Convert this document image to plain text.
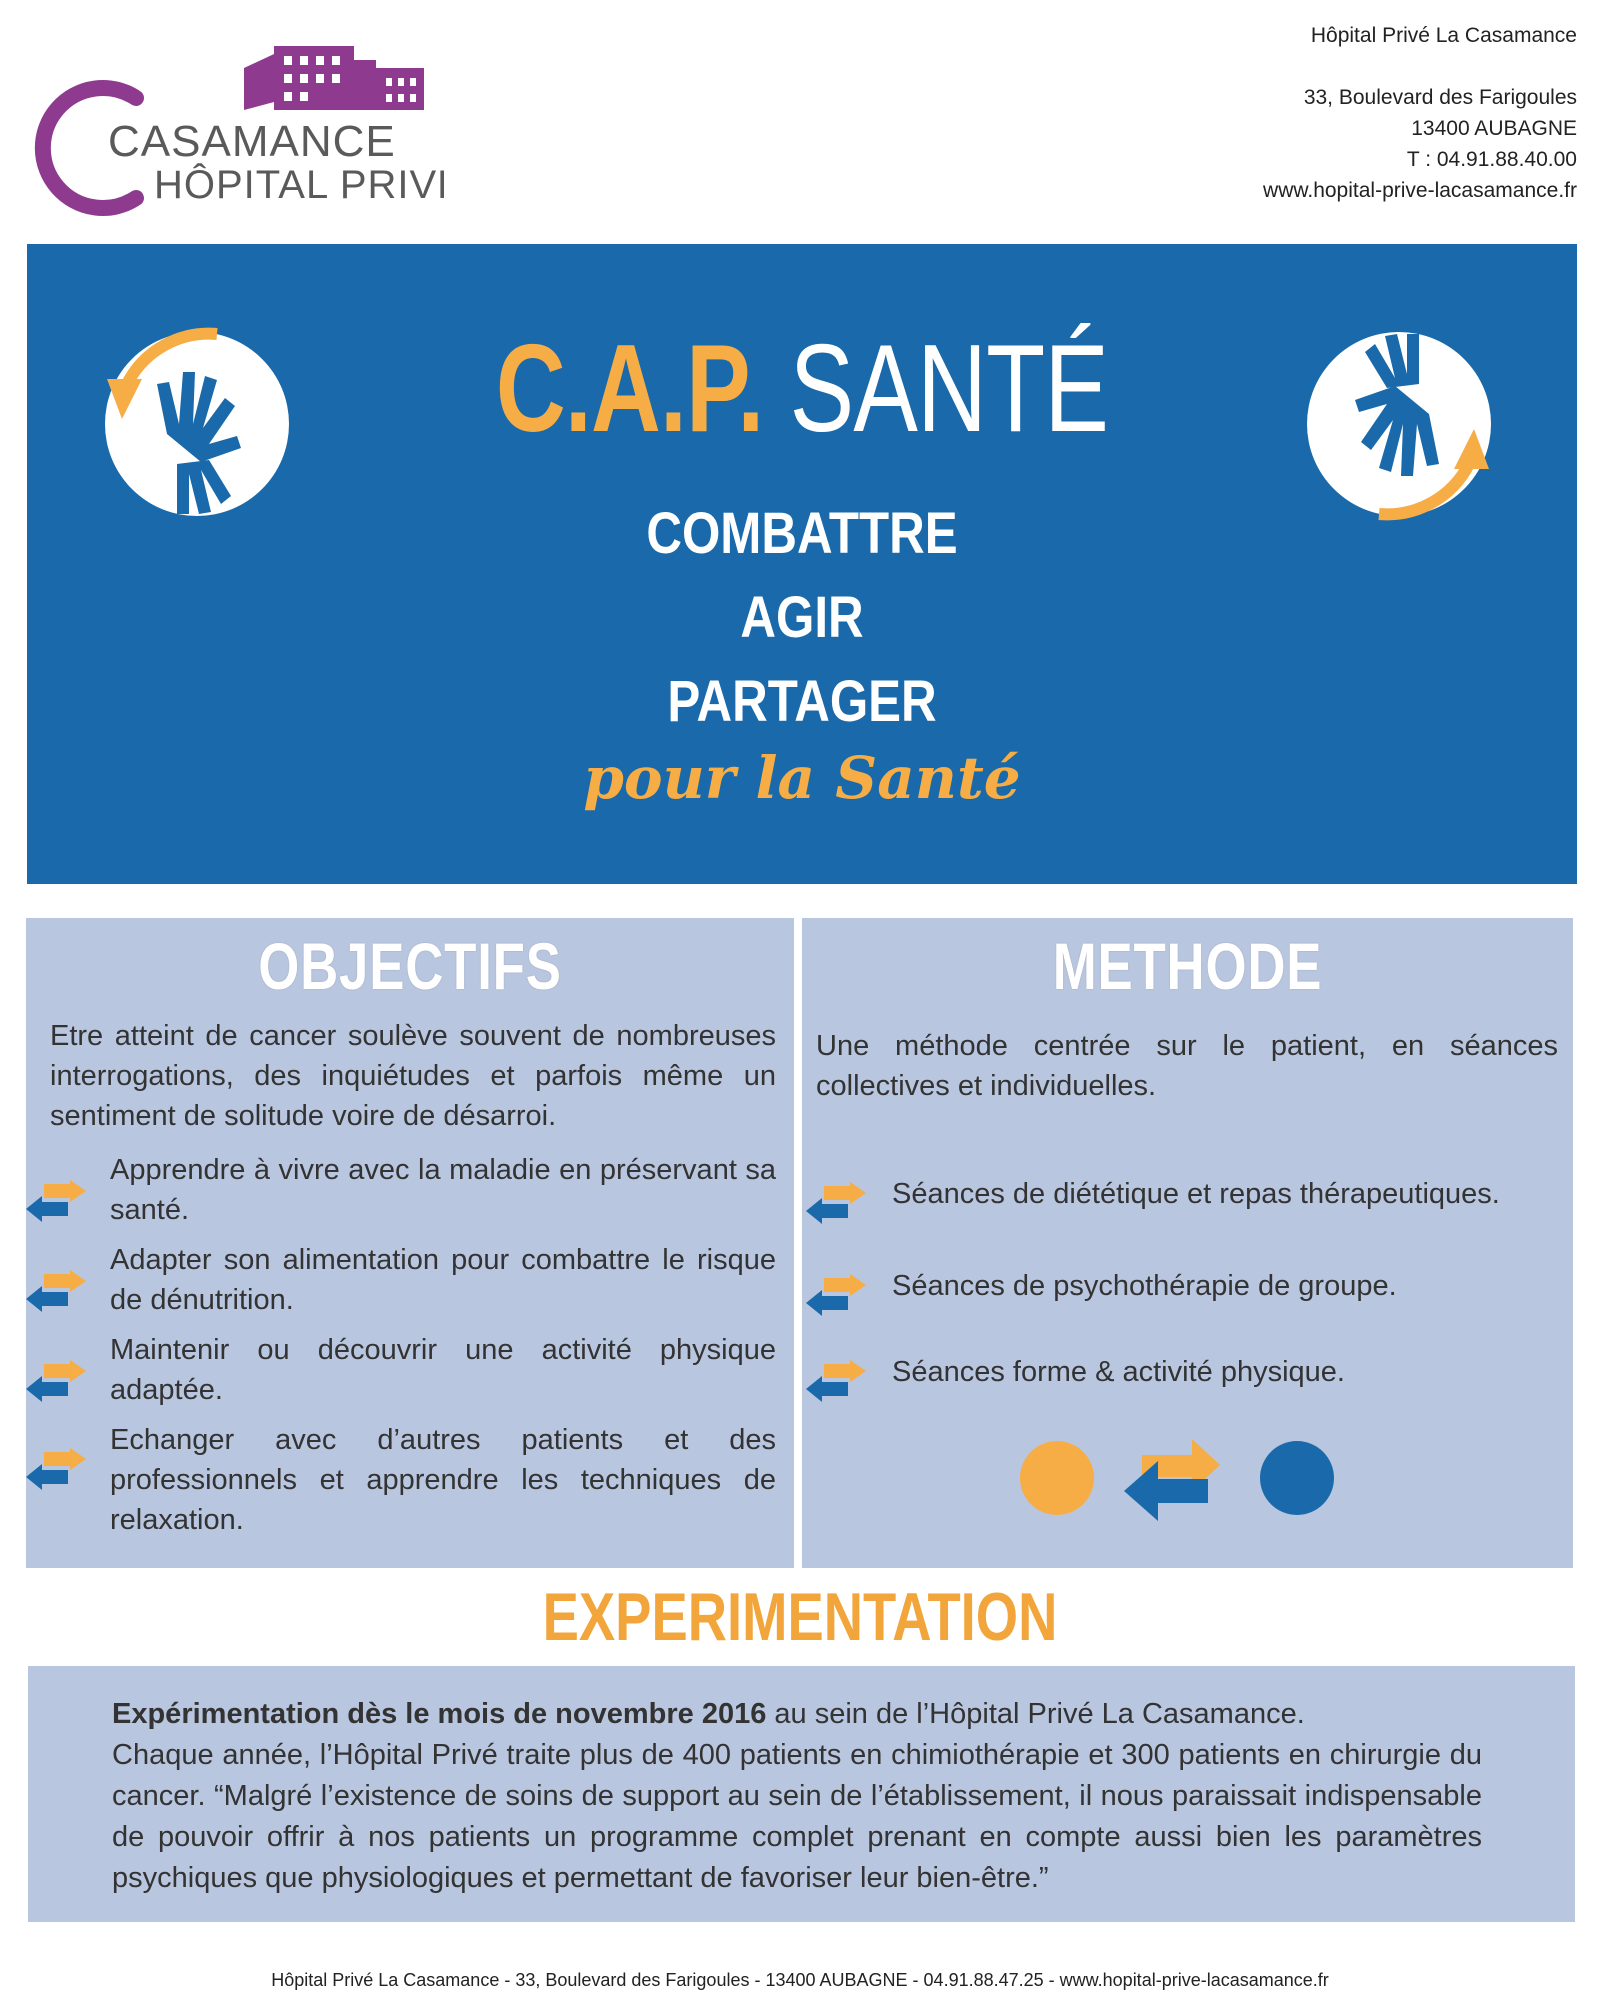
CASAMANCE
HÔPITAL PRIVÉ
Hôpital Privé La Casamance
33, Boulevard des Farigoules
13400 AUBAGNE
T : 04.91.88.40.00
www.hopital-prive-lacasamance.fr
C.A.P. SANTÉ
COMBATTRE
AGIR
PARTAGER
pour la Santé
OBJECTIFS
Etre atteint de cancer soulève souvent de nombreuses interrogations, des inquiétudes et parfois même un sentiment de solitude voire de désarroi.
Apprendre à vivre avec la maladie en préservant sa santé.
Adapter son alimentation pour combattre le risque de dénutrition.
Maintenir ou découvrir une activité physique adaptée.
Echanger avec d’autres patients et des professionnels et apprendre les techniques de relaxation.
METHODE
Une méthode centrée sur le patient, en séances collectives et individuelles.
Séances de diététique et repas thérapeutiques.
Séances de psychothérapie de groupe.
Séances forme & activité physique.
EXPERIMENTATION
Expérimentation dès le mois de novembre 2016 au sein de l’Hôpital Privé La Casamance.
Chaque année, l’Hôpital Privé traite plus de 400 patients en chimiothérapie et 300 patients en chirurgie du cancer. “Malgré l’existence de soins de support au sein de l’établissement, il nous paraissait indispensable de pouvoir offrir à nos patients un programme complet prenant en compte aussi bien les paramètres psychiques que physiologiques et permettant de favoriser leur bien-être.”
Hôpital Privé La Casamance - 33, Boulevard des Farigoules - 13400 AUBAGNE - 04.91.88.47.25 - www.hopital-prive-lacasamance.fr
